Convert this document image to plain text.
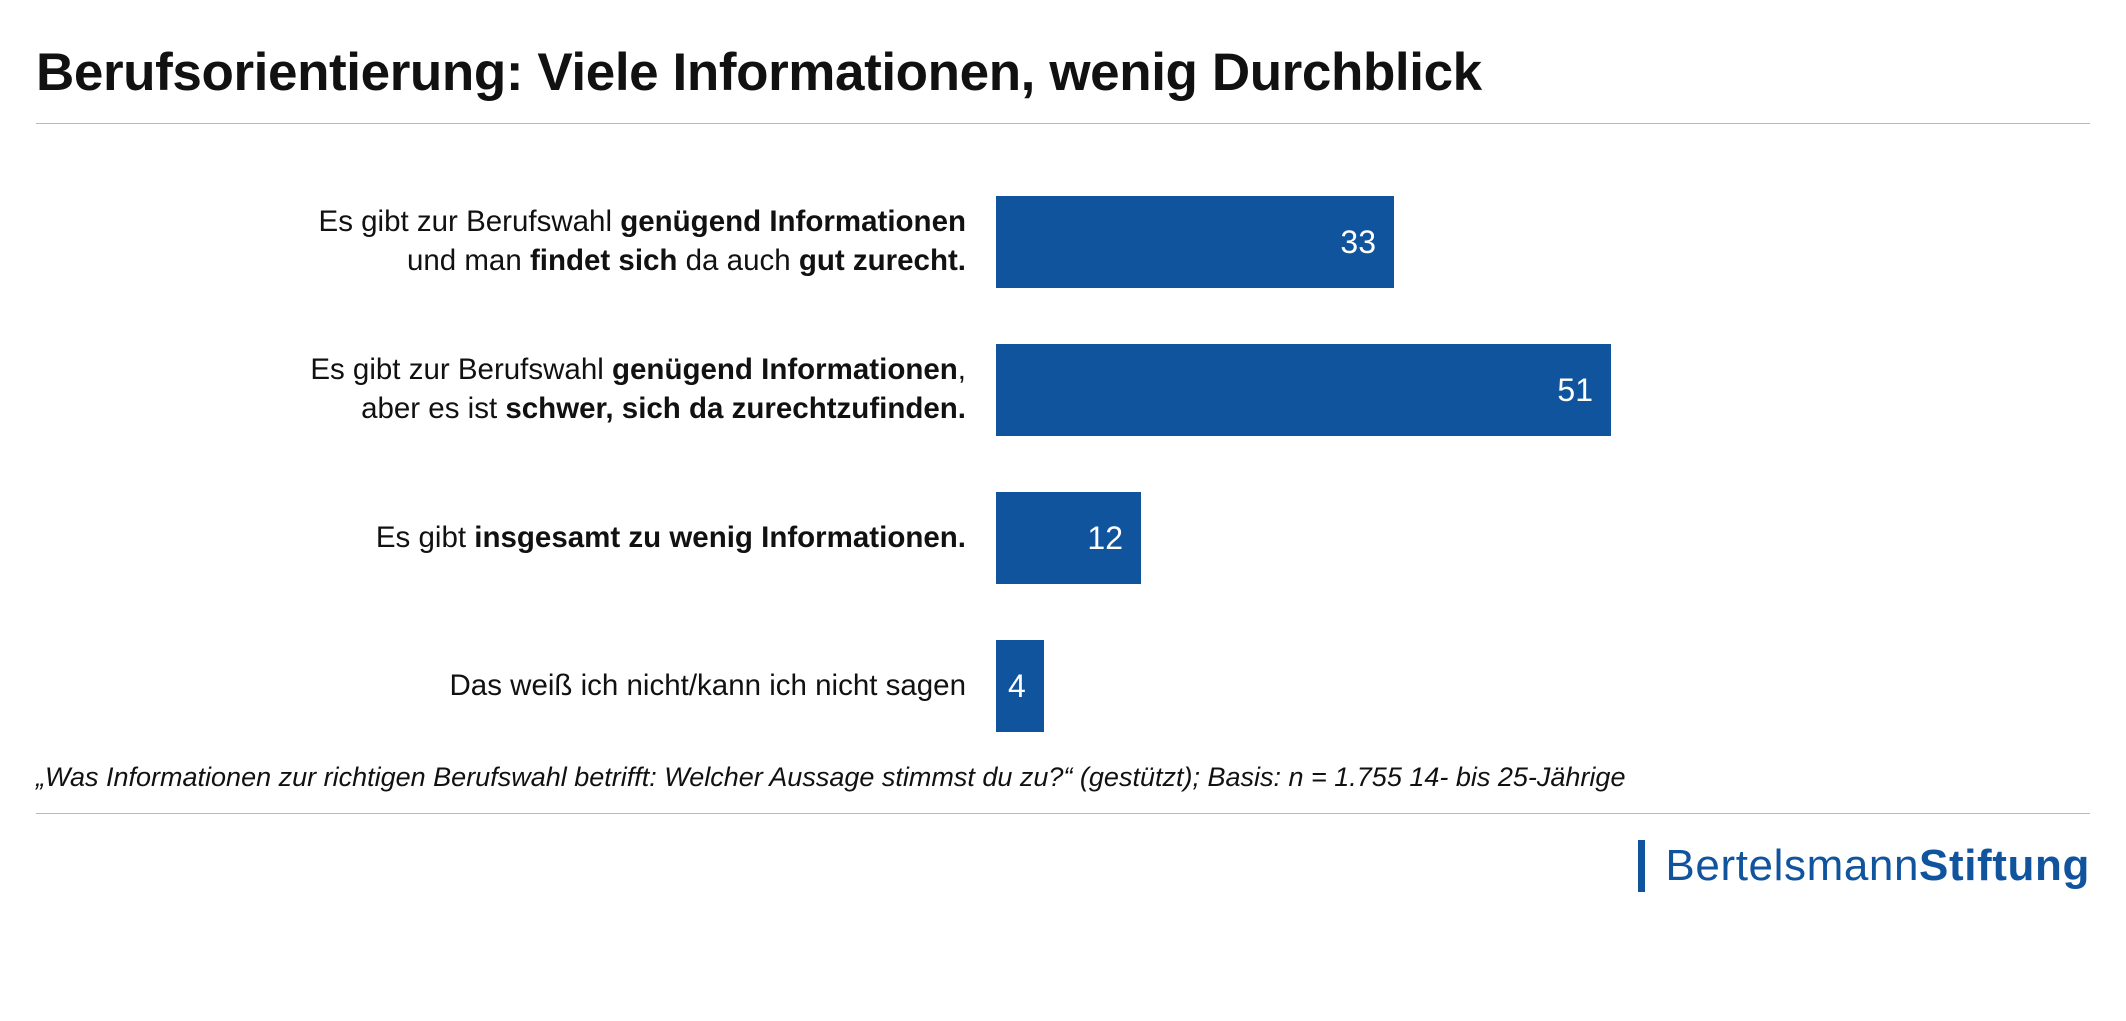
Berufsorientierung: Viele Informationen, wenig Durchblick
Es gibt zur Berufswahl genügend Informationen
und man findet sich da auch gut zurecht.
33
Es gibt zur Berufswahl genügend Informationen,
aber es ist schwer, sich da zurechtzufinden.
51
Es gibt insgesamt zu wenig Informationen.	12
Das weiß ich nicht/kann ich nicht sagen	4
„Was Informationen zur richtigen Berufswahl betrifft: Welcher Aussage stimmst du zu?“ (gestützt); Basis: n = 1.755 14- bis 25-Jährige
Bertelsmann Stiftung
